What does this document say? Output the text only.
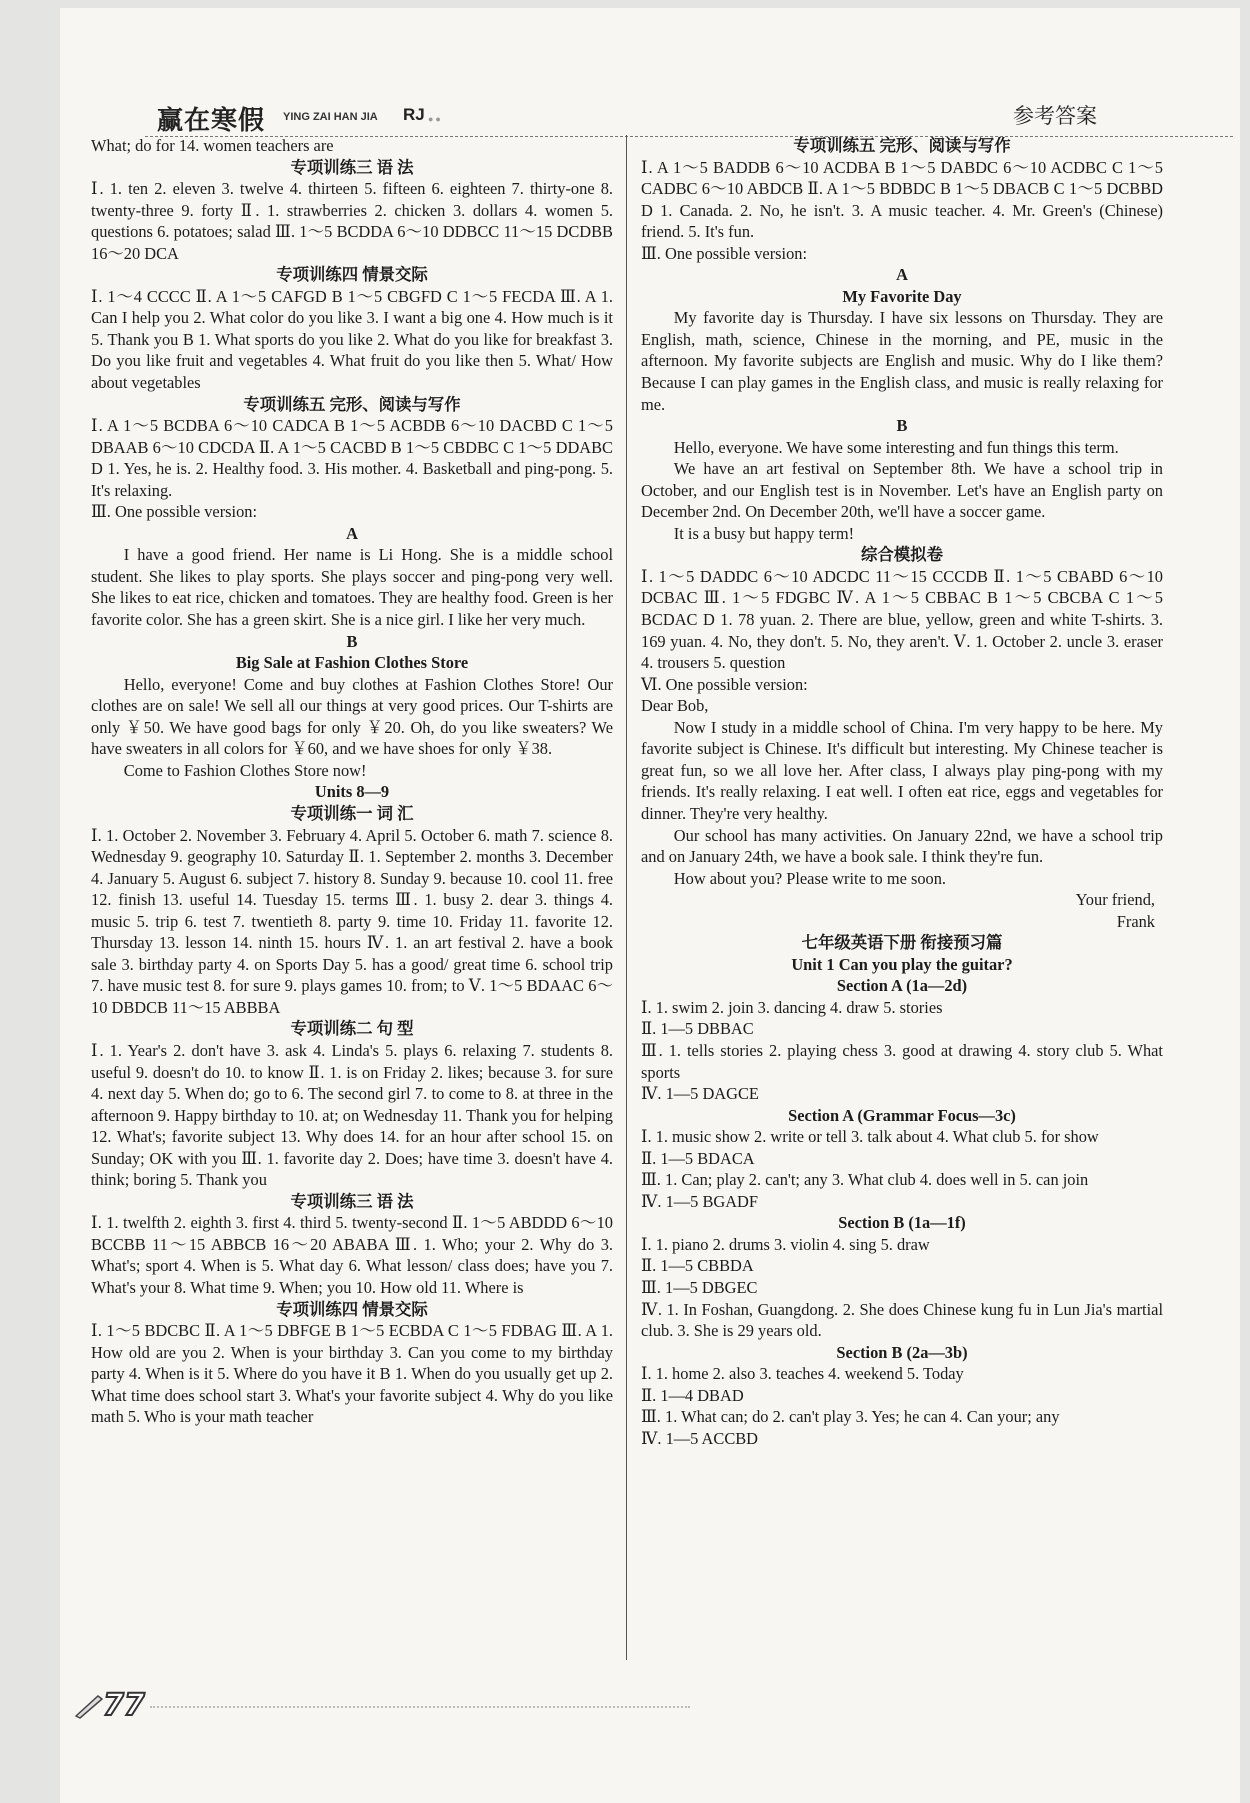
赢在寒假 YING ZAI HAN JIA RJ ●●	参考答案

What; do for 14. women teachers are

专项训练三 语 法

Ⅰ. 1. ten 2. eleven 3. twelve 4. thirteen 5. fifteen 6. eighteen 7. thirty-one 8. twenty-three 9. forty Ⅱ. 1. strawberries 2. chicken 3. dollars 4. women 5. questions 6. potatoes; salad Ⅲ. 1～5 BCDDA 6～10 DDBCC 11～15 DCDBB 16～20 DCA

专项训练四 情景交际

Ⅰ. 1～4 CCCC Ⅱ. A 1～5 CAFGD B 1～5 CBGFD C 1～5 FECDA Ⅲ. A 1. Can I help you 2. What color do you like 3. I want a big one 4. How much is it 5. Thank you B 1. What sports do you like 2. What do you like for breakfast 3. Do you like fruit and vegetables 4. What fruit do you like then 5. What/ How about vegetables

专项训练五 完形、阅读与写作

Ⅰ. A 1～5 BCDBA 6～10 CADCA B 1～5 ACBDB 6～10 DACBD C 1～5 DBAAB 6～10 CDCDA Ⅱ. A 1～5 CACBD B 1～5 CBDBC C 1～5 DDABC D 1. Yes, he is. 2. Healthy food. 3. His mother. 4. Basketball and ping-pong. 5. It's relaxing.

Ⅲ. One possible version:

A

I have a good friend. Her name is Li Hong. She is a middle school student. She likes to play sports. She plays soccer and ping-pong very well. She likes to eat rice, chicken and tomatoes. They are healthy food. Green is her favorite color. She has a green skirt. She is a nice girl. I like her very much.

B

Big Sale at Fashion Clothes Store

Hello, everyone! Come and buy clothes at Fashion Clothes Store! Our clothes are on sale! We sell all our things at very good prices. Our T-shirts are only ￥50. We have good bags for only ￥20. Oh, do you like sweaters? We have sweaters in all colors for ￥60, and we have shoes for only ￥38.

Come to Fashion Clothes Store now!

Units 8—9

专项训练一 词 汇

Ⅰ. 1. October 2. November 3. February 4. April 5. October 6. math 7. science 8. Wednesday 9. geography 10. Saturday Ⅱ. 1. September 2. months 3. December 4. January 5. August 6. subject 7. history 8. Sunday 9. because 10. cool 11. free 12. finish 13. useful 14. Tuesday 15. terms Ⅲ. 1. busy 2. dear 3. things 4. music 5. trip 6. test 7. twentieth 8. party 9. time 10. Friday 11. favorite 12. Thursday 13. lesson 14. ninth 15. hours Ⅳ. 1. an art festival 2. have a book sale 3. birthday party 4. on Sports Day 5. has a good/ great time 6. school trip 7. have music test 8. for sure 9. plays games 10. from; to Ⅴ. 1～5 BDAAC 6～10 DBDCB 11～15 ABBBA

专项训练二 句 型

Ⅰ. 1. Year's 2. don't have 3. ask 4. Linda's 5. plays 6. relaxing 7. students 8. useful 9. doesn't do 10. to know Ⅱ. 1. is on Friday 2. likes; because 3. for sure 4. next day 5. When do; go to 6. The second girl 7. to come to 8. at three in the afternoon 9. Happy birthday to 10. at; on Wednesday 11. Thank you for helping 12. What's; favorite subject 13. Why does 14. for an hour after school 15. on Sunday; OK with you Ⅲ. 1. favorite day 2. Does; have time 3. doesn't have 4. think; boring 5. Thank you

专项训练三 语 法

Ⅰ. 1. twelfth 2. eighth 3. first 4. third 5. twenty-second Ⅱ. 1～5 ABDDD 6～10 BCCBB 11～15 ABBCB 16～20 ABABA Ⅲ. 1. Who; your 2. Why do 3. What's; sport 4. When is 5. What day 6. What lesson/ class does; have you 7. What's your 8. What time 9. When; you 10. How old 11. Where is

专项训练四 情景交际

Ⅰ. 1～5 BDCBC Ⅱ. A 1～5 DBFGE B 1～5 ECBDA C 1～5 FDBAG Ⅲ. A 1. How old are you 2. When is your birthday 3. Can you come to my birthday party 4. When is it 5. Where do you have it B 1. When do you usually get up 2. What time does school start 3. What's your favorite subject 4. Why do you like math 5. Who is your math teacher

专项训练五 完形、阅读与写作

Ⅰ. A 1～5 BADDB 6～10 ACDBA B 1～5 DABDC 6～10 ACDBC C 1～5 CADBC 6～10 ABDCB Ⅱ. A 1～5 BDBDC B 1～5 DBACB C 1～5 DCBBD D 1. Canada. 2. No, he isn't. 3. A music teacher. 4. Mr. Green's (Chinese) friend. 5. It's fun.

Ⅲ. One possible version:

A

My Favorite Day

My favorite day is Thursday. I have six lessons on Thursday. They are English, math, science, Chinese in the morning, and PE, music in the afternoon. My favorite subjects are English and music. Why do I like them? Because I can play games in the English class, and music is really relaxing for me.

B

Hello, everyone. We have some interesting and fun things this term.

We have an art festival on September 8th. We have a school trip in October, and our English test is in November. Let's have an English party on December 2nd. On December 20th, we'll have a soccer game.

It is a busy but happy term!

综合模拟卷

Ⅰ. 1～5 DADDC 6～10 ADCDC 11～15 CCCDB Ⅱ. 1～5 CBABD 6～10 DCBAC Ⅲ. 1～5 FDGBC Ⅳ. A 1～5 CBBAC B 1～5 CBCBA C 1～5 BCDAC D 1. 78 yuan. 2. There are blue, yellow, green and white T-shirts. 3. 169 yuan. 4. No, they don't. 5. No, they aren't. Ⅴ. 1. October 2. uncle 3. eraser 4. trousers 5. question

Ⅵ. One possible version:

Dear Bob,

Now I study in a middle school of China. I'm very happy to be here. My favorite subject is Chinese. It's difficult but interesting. My Chinese teacher is great fun, so we all love her. After class, I always play ping-pong with my friends. It's really relaxing. I eat well. I often eat rice, eggs and vegetables for dinner. They're very healthy.

Our school has many activities. On January 22nd, we have a school trip and on January 24th, we have a book sale. I think they're fun.

How about you? Please write to me soon.

Your friend,

Frank

七年级英语下册 衔接预习篇

Unit 1 Can you play the guitar?

Section A (1a—2d)

Ⅰ. 1. swim 2. join 3. dancing 4. draw 5. stories

Ⅱ. 1—5 DBBAC

Ⅲ. 1. tells stories 2. playing chess 3. good at drawing 4. story club 5. What sports

Ⅳ. 1—5 DAGCE

Section A (Grammar Focus—3c)

Ⅰ. 1. music show 2. write or tell 3. talk about 4. What club 5. for show

Ⅱ. 1—5 BDACA

Ⅲ. 1. Can; play 2. can't; any 3. What club 4. does well in 5. can join

Ⅳ. 1—5 BGADF

Section B (1a—1f)

Ⅰ. 1. piano 2. drums 3. violin 4. sing 5. draw

Ⅱ. 1—5 CBBDA

Ⅲ. 1—5 DBGEC

Ⅳ. 1. In Foshan, Guangdong. 2. She does Chinese kung fu in Lun Jia's martial club. 3. She is 29 years old.

Section B (2a—3b)

Ⅰ. 1. home 2. also 3. teaches 4. weekend 5. Today

Ⅱ. 1—4 DBAD

Ⅲ. 1. What can; do 2. can't play 3. Yes; he can 4. Can your; any

Ⅳ. 1—5 ACCBD

77
